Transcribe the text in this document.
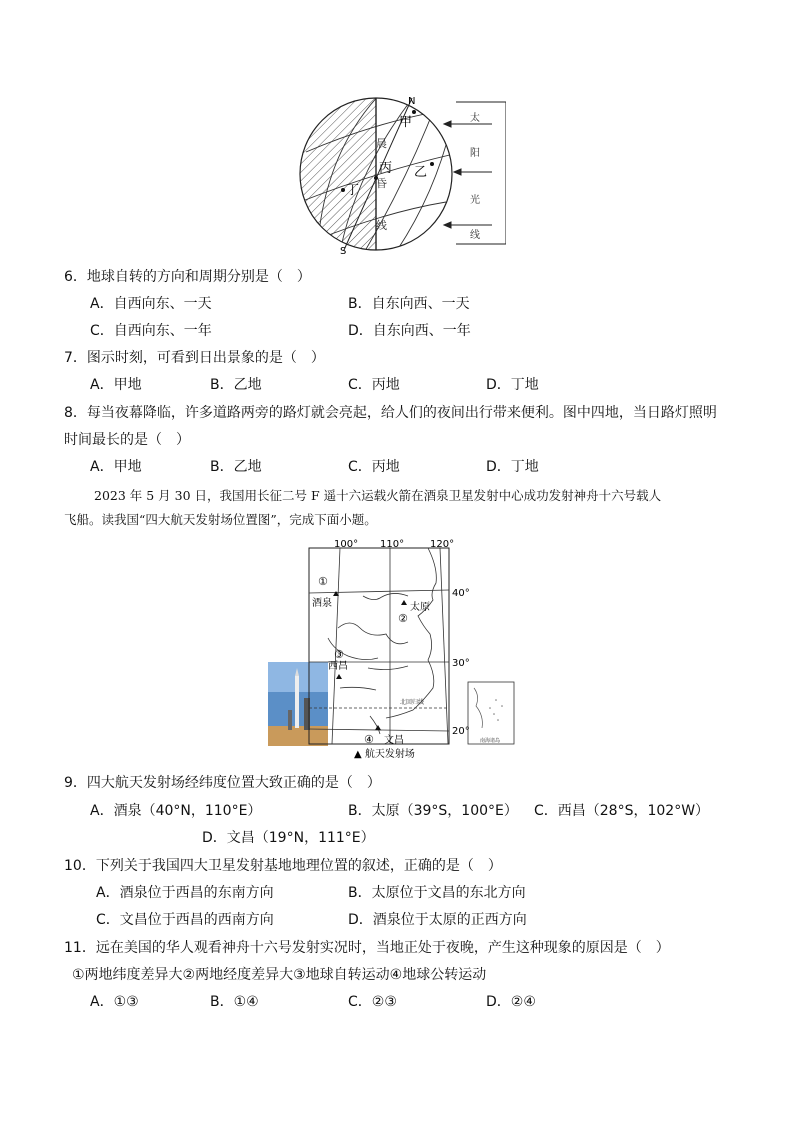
N
S
甲
乙
丙
丁
晨
昏
线
太
阳
光
线
6．地球自转的方向和周期分别是（　）
A．自西向东、一天	B．自东向西、一天
C．自西向东、一年	D．自东向西、一年
7．图示时刻，可看到日出景象的是（　）
A．甲地	B．乙地	C．丙地	D．丁地
8．每当夜幕降临，许多道路两旁的路灯就会亮起，给人们的夜间出行带来便利。图中四地，当日路灯照明
时间最长的是（　）
A．甲地	B．乙地	C．丙地	D．丁地
2023 年 5 月 30 日，我国用长征二号 F 遥十六运载火箭在酒泉卫星发射中心成功发射神舟十六号载人
飞船。读我国“四大航天发射场位置图”，完成下面小题。
南海诸岛
100° 110°	120°
40°
30°
20°
①
②
③
④
酒泉	太原
西昌
文昌
北回归线
▲ 航天发射场
9．四大航天发射场经纬度位置大致正确的是（　）
A．酒泉（40°N，110°E）	B．太原（39°S，100°E） C．西昌（28°S，102°W）
D．文昌（19°N，111°E）
10．下列关于我国四大卫星发射基地地理位置的叙述，正确的是（　）
A．酒泉位于西昌的东南方向	B．太原位于文昌的东北方向
C．文昌位于西昌的西南方向	D．酒泉位于太原的正西方向
11．远在美国的华人观看神舟十六号发射实况时，当地正处于夜晚，产生这种现象的原因是（　）
①两地纬度差异大②两地经度差异大③地球自转运动④地球公转运动
A．①③	B．①④	C．②③	D．②④
